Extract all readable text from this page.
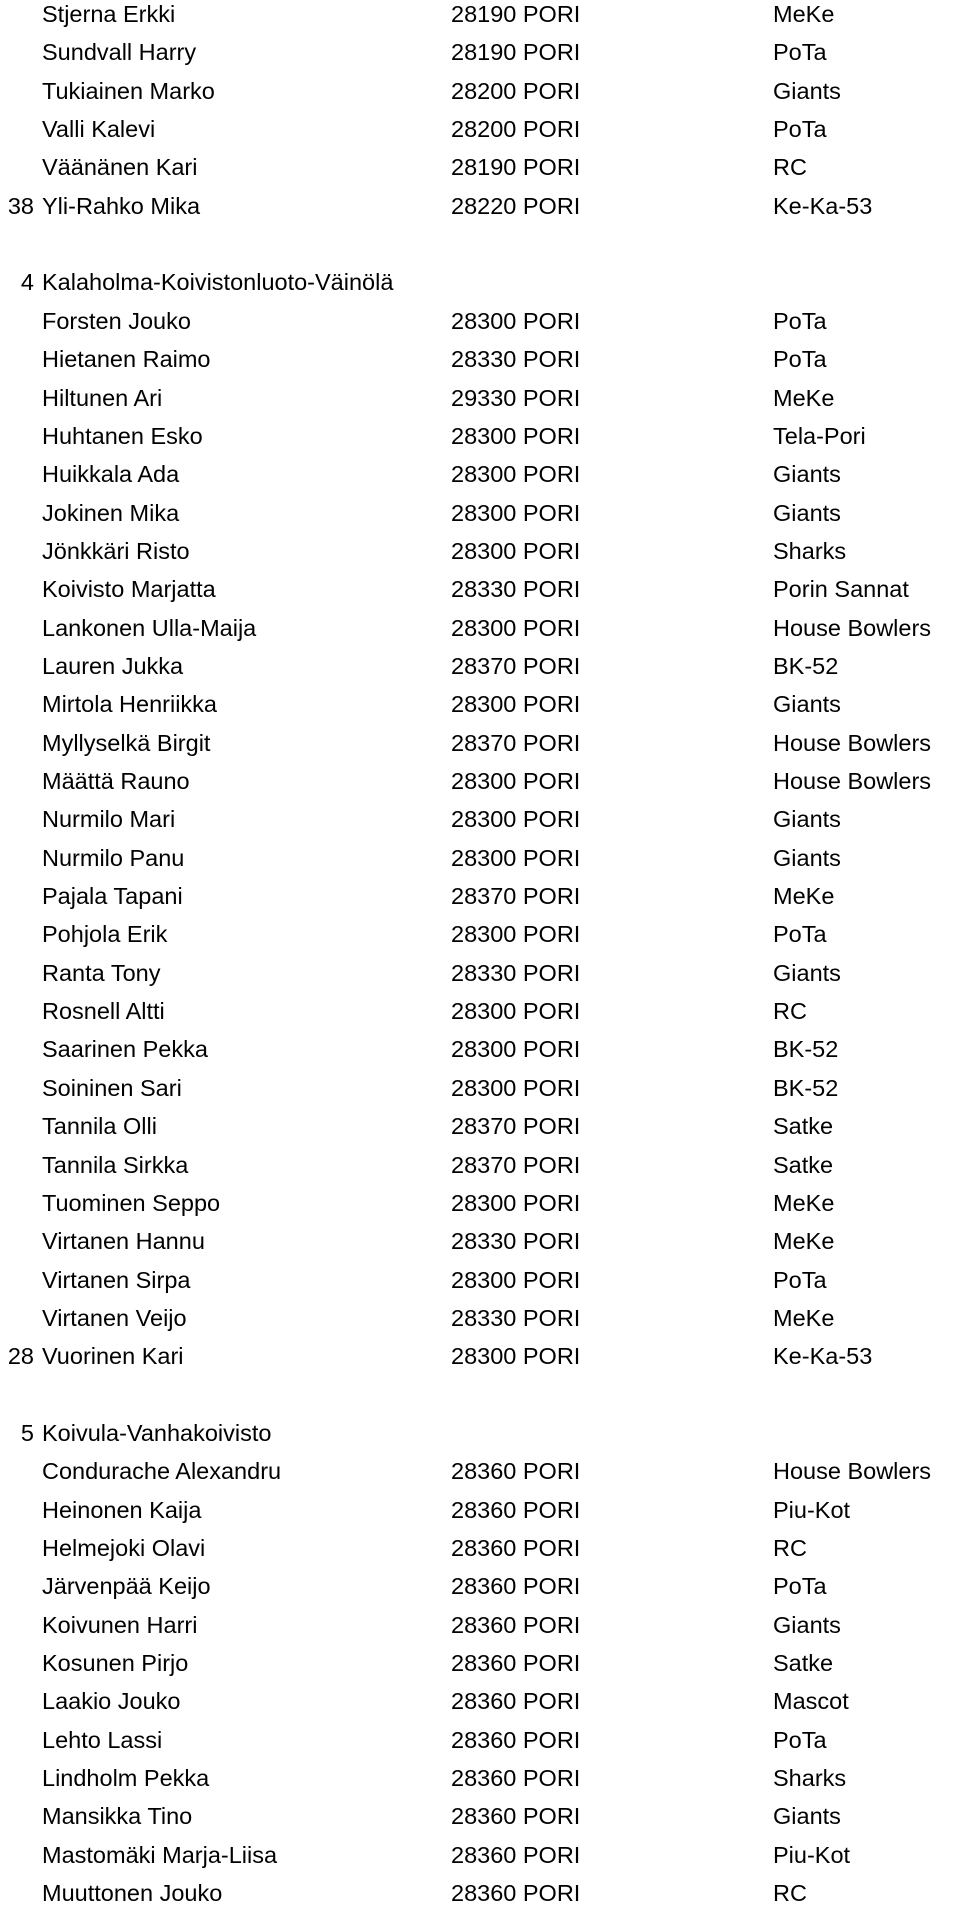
Stjerna Erkki	28190 PORI	MeKe
Sundvall Harry	28190 PORI	PoTa
Tukiainen Marko	28200 PORI	Giants
Valli Kalevi	28200 PORI	PoTa
Väänänen Kari	28190 PORI	RC
38 Yli-Rahko Mika	28220 PORI	Ke-Ka-53
4 Kalaholma-Koivistonluoto-Väinölä
Forsten Jouko	28300 PORI	PoTa
Hietanen Raimo	28330 PORI	PoTa
Hiltunen Ari	29330 PORI	MeKe
Huhtanen Esko	28300 PORI	Tela-Pori
Huikkala Ada	28300 PORI	Giants
Jokinen Mika	28300 PORI	Giants
Jönkkäri Risto	28300 PORI	Sharks
Koivisto Marjatta	28330 PORI	Porin Sannat
Lankonen Ulla-Maija	28300 PORI	House Bowlers
Lauren Jukka	28370 PORI	BK-52
Mirtola Henriikka	28300 PORI	Giants
Myllyselkä Birgit	28370 PORI	House Bowlers
Määttä Rauno	28300 PORI	House Bowlers
Nurmilo Mari	28300 PORI	Giants
Nurmilo Panu	28300 PORI	Giants
Pajala Tapani	28370 PORI	MeKe
Pohjola Erik	28300 PORI	PoTa
Ranta Tony	28330 PORI	Giants
Rosnell Altti	28300 PORI	RC
Saarinen Pekka	28300 PORI	BK-52
Soininen Sari	28300 PORI	BK-52
Tannila Olli	28370 PORI	Satke
Tannila Sirkka	28370 PORI	Satke
Tuominen Seppo	28300 PORI	MeKe
Virtanen Hannu	28330 PORI	MeKe
Virtanen Sirpa	28300 PORI	PoTa
Virtanen Veijo	28330 PORI	MeKe
28 Vuorinen Kari	28300 PORI	Ke-Ka-53
5 Koivula-Vanhakoivisto
Condurache Alexandru	28360 PORI	House Bowlers
Heinonen Kaija	28360 PORI	Piu-Kot
Helmejoki Olavi	28360 PORI	RC
Järvenpää Keijo	28360 PORI	PoTa
Koivunen Harri	28360 PORI	Giants
Kosunen Pirjo	28360 PORI	Satke
Laakio Jouko	28360 PORI	Mascot
Lehto Lassi	28360 PORI	PoTa
Lindholm Pekka	28360 PORI	Sharks
Mansikka Tino	28360 PORI	Giants
Mastomäki Marja-Liisa	28360 PORI	Piu-Kot
Muuttonen Jouko	28360 PORI	RC
